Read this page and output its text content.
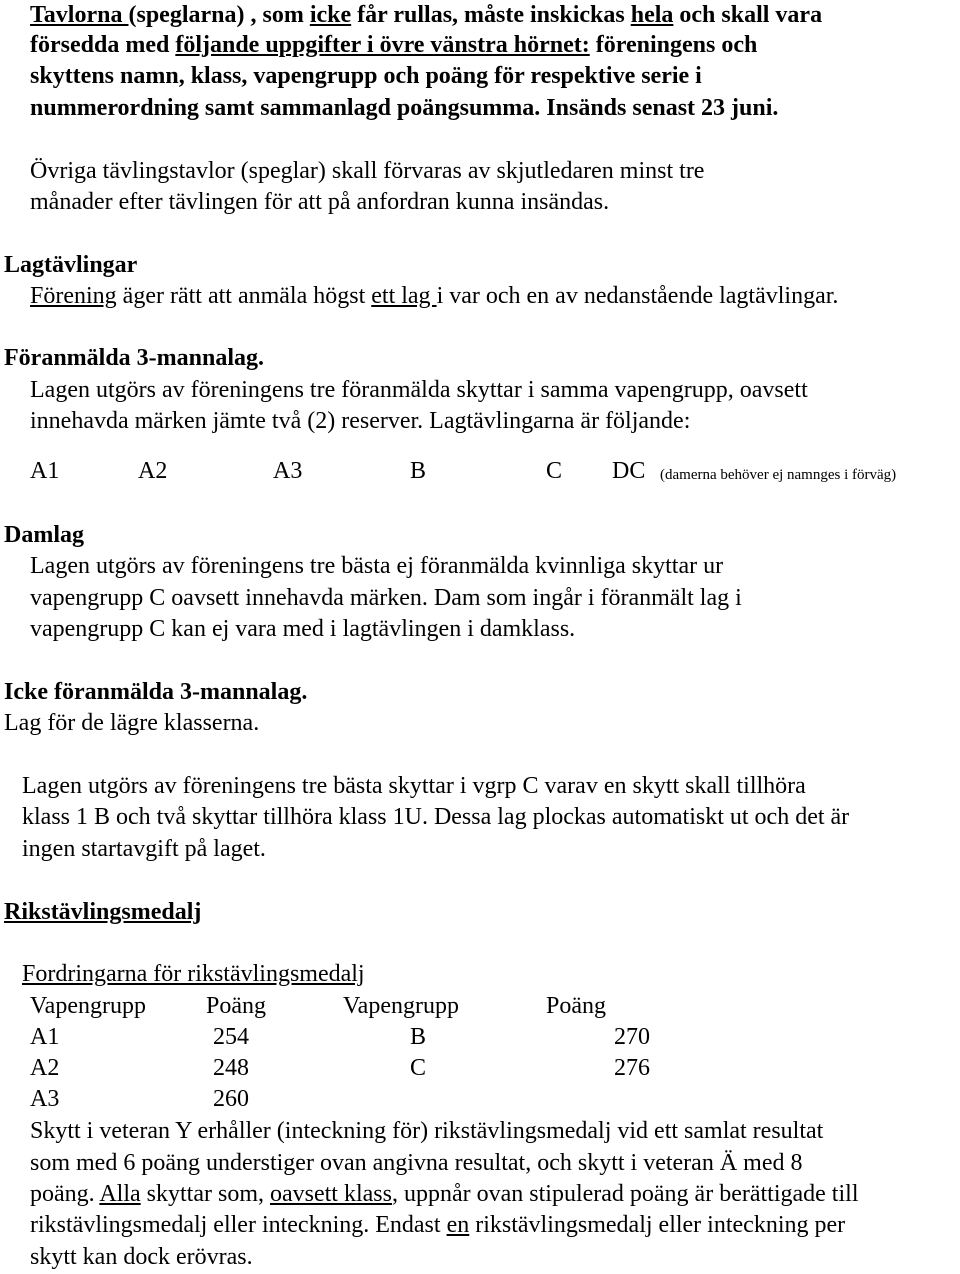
Tavlorna (speglarna) , som icke får rullas, måste inskickas hela och skall vara
försedda med följande uppgifter i övre vänstra hörnet: föreningens och
skyttens namn, klass, vapengrupp och poäng för respektive serie i
nummerordning samt sammanlagd poängsumma. Insänds senast 23 juni.
Övriga tävlingstavlor (speglar) skall förvaras av skjutledaren minst tre
månader efter tävlingen för att på anfordran kunna insändas.
Lagtävlingar
Förening äger rätt att anmäla högst ett lag i var och en av nedanstående lagtävlingar.
Föranmälda 3-mannalag.
Lagen utgörs av föreningens tre föranmälda skyttar i samma vapengrupp, oavsett
innehavda märken jämte två (2) reserver. Lagtävlingarna är följande:
A1	A2	A3	B	C DC (damerna behöver ej namnges i förväg)
Damlag
Lagen utgörs av föreningens tre bästa ej föranmälda kvinnliga skyttar ur
vapengrupp C oavsett innehavda märken. Dam som ingår i föranmält lag i
vapengrupp C kan ej vara med i lagtävlingen i damklass.
Icke föranmälda 3-mannalag.
Lag för de lägre klasserna.
Lagen utgörs av föreningens tre bästa skyttar i vgrp C varav en skytt skall tillhöra
klass 1 B och två skyttar tillhöra klass 1U. Dessa lag plockas automatiskt ut och det är
ingen startavgift på laget.
Rikstävlingsmedalj
Fordringarna för rikstävlingsmedalj
Vapengrupp	Poäng	Vapengrupp	Poäng
A1	254	B	270
A2	248	C	276
A3	260
Skytt i veteran Y erhåller (inteckning för) rikstävlingsmedalj vid ett samlat resultat
som med 6 poäng understiger ovan angivna resultat, och skytt i veteran Ä med 8
poäng. Alla skyttar som, oavsett klass, uppnår ovan stipulerad poäng är berättigade till
rikstävlingsmedalj eller inteckning. Endast en rikstävlingsmedalj eller inteckning per
skytt kan dock erövras.
